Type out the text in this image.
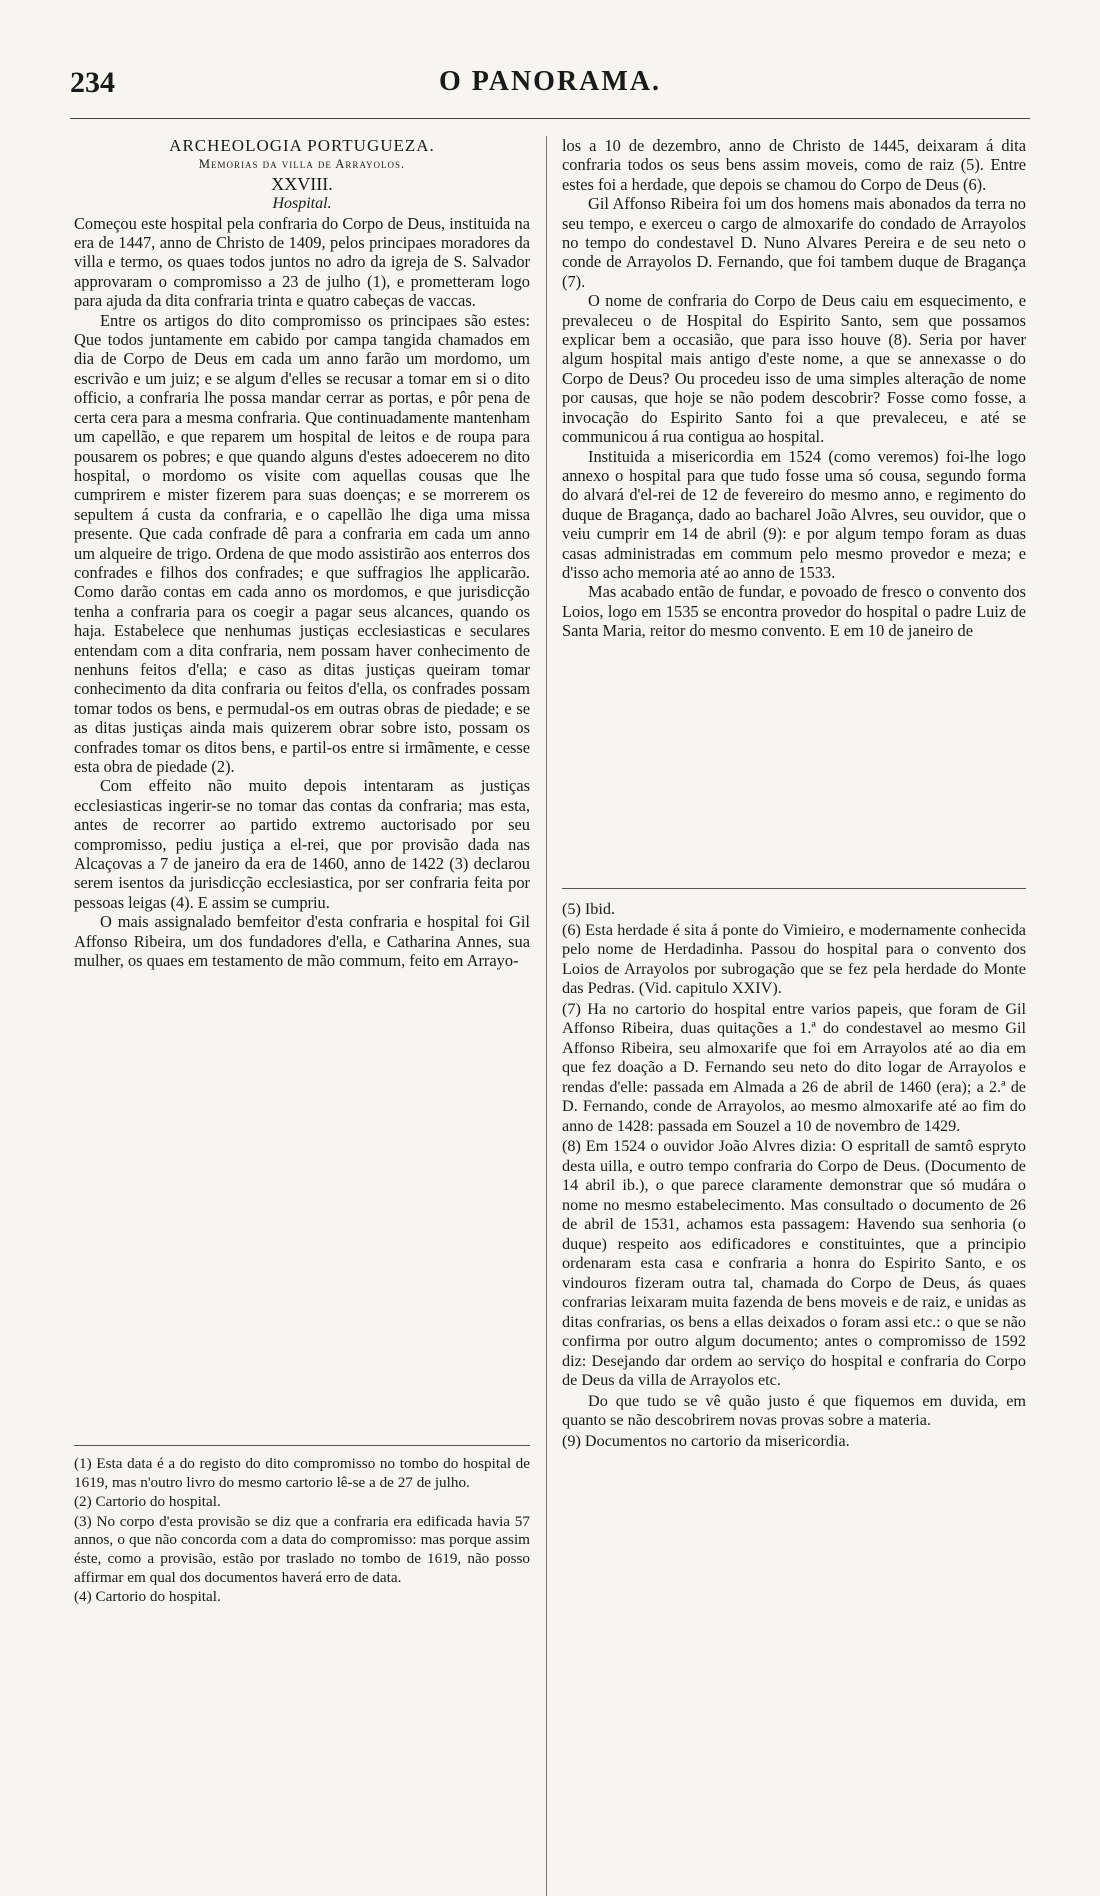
234	O PANORAMA.

ARCHEOLOGIA PORTUGUEZA.

Memorias da villa de Arrayolos.

XXVIII.

Hospital.

Começou este hospital pela confraria do Corpo de Deus, instituida na era de 1447, anno de Christo de 1409, pelos principaes moradores da villa e termo, os quaes todos juntos no adro da igreja de S. Salvador approvaram o compromisso a 23 de julho (1), e prometteram logo para ajuda da dita confraria trinta e quatro cabeças de vaccas.

Entre os artigos do dito compromisso os principaes são estes: Que todos juntamente em cabido por campa tangida chamados em dia de Corpo de Deus em cada um anno farão um mordomo, um escrivão e um juiz; e se algum d'elles se recusar a tomar em si o dito officio, a confraria lhe possa mandar cerrar as portas, e pôr pena de certa cera para a mesma confraria. Que continuadamente mantenham um capellão, e que reparem um hospital de leitos e de roupa para pousarem os pobres; e que quando alguns d'estes adoecerem no dito hospital, o mordomo os visite com aquellas cousas que lhe cumprirem e mister fizerem para suas doenças; e se morrerem os sepultem á custa da confraria, e o capellão lhe diga uma missa presente. Que cada confrade dê para a confraria em cada um anno um alqueire de trigo. Ordena de que modo assistirão aos enterros dos confrades e filhos dos confrades; e que suffragios lhe applicarão. Como darão contas em cada anno os mordomos, e que jurisdicção tenha a confraria para os coegir a pagar seus alcances, quando os haja. Estabelece que nenhumas justiças ecclesiasticas e seculares entendam com a dita confraria, nem possam haver conhecimento de nenhuns feitos d'ella; e caso as ditas justiças queiram tomar conhecimento da dita confraria ou feitos d'ella, os confrades possam tomar todos os bens, e permudal-os em outras obras de piedade; e se as ditas justiças ainda mais quizerem obrar sobre isto, possam os confrades tomar os ditos bens, e partil-os entre si irmãmente, e cesse esta obra de piedade (2).

Com effeito não muito depois intentaram as justiças ecclesiasticas ingerir-se no tomar das contas da confraria; mas esta, antes de recorrer ao partido extremo auctorisado por seu compromisso, pediu justiça a el-rei, que por provisão dada nas Alcaçovas a 7 de janeiro da era de 1460, anno de 1422 (3) declarou serem isentos da jurisdicção ecclesiastica, por ser confraria feita por pessoas leigas (4). E assim se cumpriu.

O mais assignalado bemfeitor d'esta confraria e hospital foi Gil Affonso Ribeira, um dos fundadores d'ella, e Catharina Annes, sua mulher, os quaes em testamento de mão commum, feito em Arrayo-

los a 10 de dezembro, anno de Christo de 1445, deixaram á dita confraria todos os seus bens assim moveis, como de raiz (5). Entre estes foi a herdade, que depois se chamou do Corpo de Deus (6).

Gil Affonso Ribeira foi um dos homens mais abonados da terra no seu tempo, e exerceu o cargo de almoxarife do condado de Arrayolos no tempo do condestavel D. Nuno Alvares Pereira e de seu neto o conde de Arrayolos D. Fernando, que foi tambem duque de Bragança (7).

O nome de confraria do Corpo de Deus caiu em esquecimento, e prevaleceu o de Hospital do Espirito Santo, sem que possamos explicar bem a occasião, que para isso houve (8). Seria por haver algum hospital mais antigo d'este nome, a que se annexasse o do Corpo de Deus? Ou procedeu isso de uma simples alteração de nome por causas, que hoje se não podem descobrir? Fosse como fosse, a invocação do Espirito Santo foi a que prevaleceu, e até se communicou á rua contigua ao hospital.

Instituida a misericordia em 1524 (como veremos) foi-lhe logo annexo o hospital para que tudo fosse uma só cousa, segundo forma do alvará d'el-rei de 12 de fevereiro do mesmo anno, e regimento do duque de Bragança, dado ao bacharel João Alvres, seu ouvidor, que o veiu cumprir em 14 de abril (9): e por algum tempo foram as duas casas administradas em commum pelo mesmo provedor e meza; e d'isso acho memoria até ao anno de 1533.

Mas acabado então de fundar, e povoado de fresco o convento dos Loios, logo em 1535 se encontra provedor do hospital o padre Luiz de Santa Maria, reitor do mesmo convento. E em 10 de janeiro de

(1) Esta data é a do registo do dito compromisso no tombo do hospital de 1619, mas n'outro livro do mesmo cartorio lê-se a de 27 de julho.

(2) Cartorio do hospital.

(3) No corpo d'esta provisão se diz que a confraria era edificada havia 57 annos, o que não concorda com a data do compromisso: mas porque assim éste, como a provisão, estão por traslado no tombo de 1619, não posso affirmar em qual dos documentos haverá erro de data.

(4) Cartorio do hospital.

(5) Ibid.

(6) Esta herdade é sita á ponte do Vimieiro, e modernamente conhecida pelo nome de Herdadinha. Passou do hospital para o convento dos Loios de Arrayolos por subrogação que se fez pela herdade do Monte das Pedras. (Vid. capitulo XXIV).

(7) Ha no cartorio do hospital entre varios papeis, que foram de Gil Affonso Ribeira, duas quitações a 1.ª do condestavel ao mesmo Gil Affonso Ribeira, seu almoxarife que foi em Arrayolos até ao dia em que fez doação a D. Fernando seu neto do dito logar de Arrayolos e rendas d'elle: passada em Almada a 26 de abril de 1460 (era); a 2.ª de D. Fernando, conde de Arrayolos, ao mesmo almoxarife até ao fim do anno de 1428: passada em Souzel a 10 de novembro de 1429.

(8) Em 1524 o ouvidor João Alvres dizia: O espritall de samtô espryto desta uilla, e outro tempo confraria do Corpo de Deus. (Documento de 14 abril ib.), o que parece claramente demonstrar que só mudára o nome no mesmo estabelecimento. Mas consultado o documento de 26 de abril de 1531, achamos esta passagem: Havendo sua senhoria (o duque) respeito aos edificadores e constituintes, que a principio ordenaram esta casa e confraria a honra do Espirito Santo, e os vindouros fizeram outra tal, chamada do Corpo de Deus, ás quaes confrarias leixaram muita fazenda de bens moveis e de raiz, e unidas as ditas confrarias, os bens a ellas deixados o foram assi etc.: o que se não confirma por outro algum documento; antes o compromisso de 1592 diz: Desejando dar ordem ao serviço do hospital e confraria do Corpo de Deus da villa de Arrayolos etc.

Do que tudo se vê quão justo é que fiquemos em duvida, em quanto se não descobrirem novas provas sobre a materia.

(9) Documentos no cartorio da misericordia.
